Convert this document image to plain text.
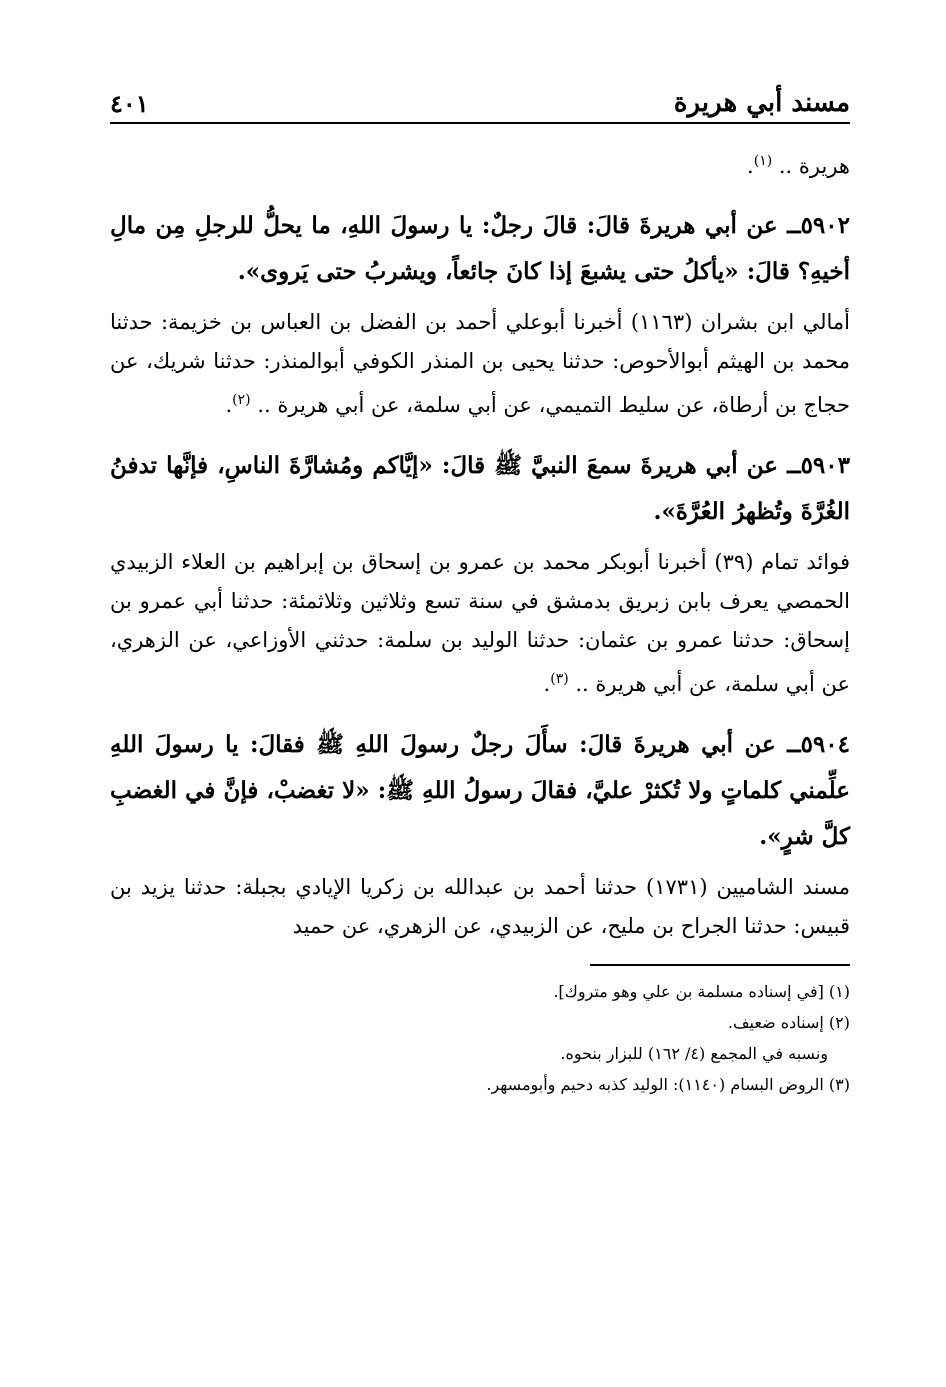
مسند أبي هريرة
٤٠١

هريرة .. $^{(١)}$.

٥٩٠٢ــ عن أبي هريرةَ قالَ: قالَ رجلٌ: يا رسولَ اللهِ، ما يحلُّ للرجلِ مِن مالِ أخيهِ؟ قالَ: «يأكلُ حتى يشبعَ إذا كانَ جائعاً، ويشربُ حتى يَروى».

أمالي ابن بشران (١١٦٣) أخبرنا أبوعلي أحمد بن الفضل بن العباس بن خزيمة: حدثنا محمد بن الهيثم أبوالأحوص: حدثنا يحيى بن المنذر الكوفي أبوالمنذر: حدثنا شريك، عن حجاج بن أرطاة، عن سليط التميمي، عن أبي سلمة، عن أبي هريرة .. $^{(٢)}$.

٥٩٠٣ــ عن أبي هريرةَ سمعَ النبيَّ ﷺ قالَ: «إيَّاكم ومُشارَّةَ الناسِ، فإنَّها تدفنُ الغُرَّةَ وتُظهرُ العُرَّةَ».

فوائد تمام (٣٩) أخبرنا أبوبكر محمد بن عمرو بن إسحاق بن إبراهيم بن العلاء الزبيدي الحمصي يعرف بابن زبريق بدمشق في سنة تسع وثلاثين وثلاثمئة: حدثنا أبي عمرو بن إسحاق: حدثنا عمرو بن عثمان: حدثنا الوليد بن سلمة: حدثني الأوزاعي، عن الزهري، عن أبي سلمة، عن أبي هريرة .. $^{(٣)}$.

٥٩٠٤ــ عن أبي هريرةَ قالَ: سأَلَ رجلٌ رسولَ اللهِ ﷺ فقالَ: يا رسولَ اللهِ علِّمني كلماتٍ ولا تُكثرْ عليَّ، فقالَ رسولُ اللهِ ﷺ: «لا تغضبْ، فإنَّ في الغضبِ كلَّ شرٍ».

مسند الشاميين (١٧٣١) حدثنا أحمد بن عبدالله بن زكريا الإيادي بجبلة: حدثنا يزيد بن قبيس: حدثنا الجراح بن مليح، عن الزبيدي، عن الزهري، عن حميد

(١) [في إسناده مسلمة بن علي وهو متروك].

(٢) إسناده ضعيف.

ونسبه في المجمع (٤/ ١٦٢) للبزار بنحوه.

(٣) الروض البسام (١١٤٠): الوليد كذبه دحيم وأبومسهر.
